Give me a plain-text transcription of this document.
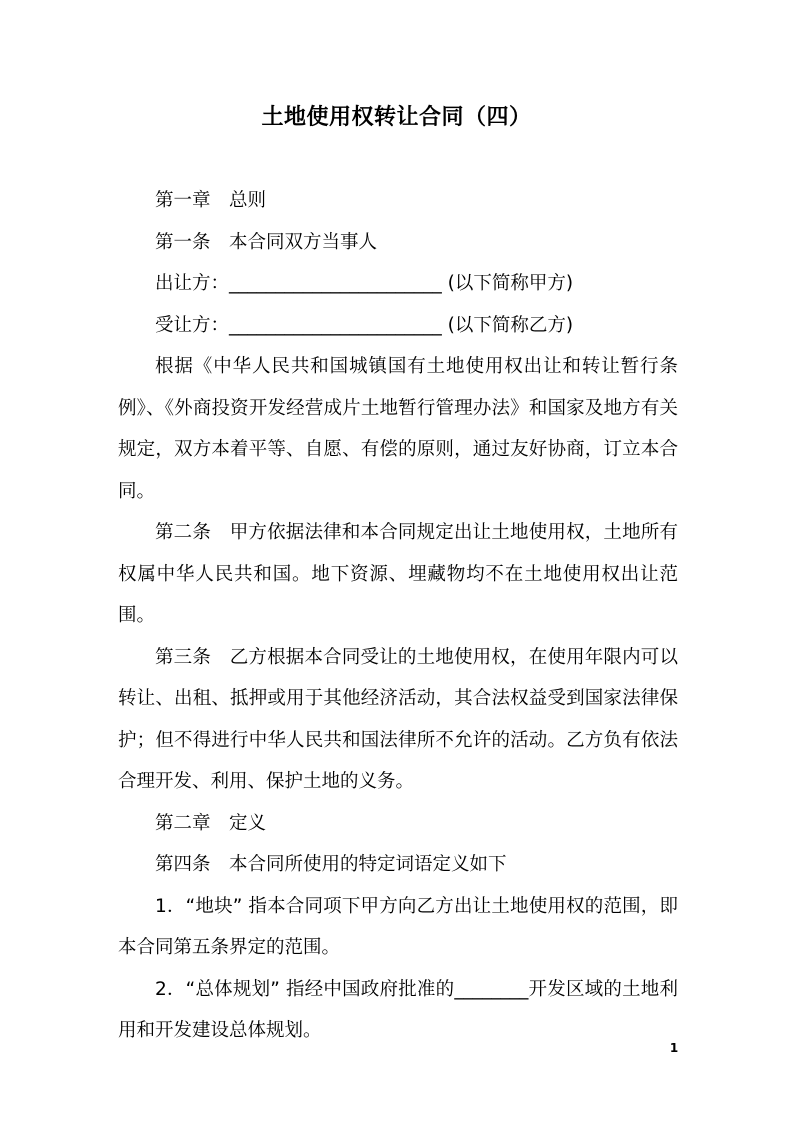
土地使用权转让合同（四）

第一章　总则

第一条　本合同双方当事人

出让方：_______________________ (以下简称甲方)

受让方：_______________________ (以下简称乙方)

根据《中华人民共和国城镇国有土地使用权出让和转让暂行条例》、《外商投资开发经营成片土地暂行管理办法》和国家及地方有关规定，双方本着平等、自愿、有偿的原则，通过友好协商，订立本合同。

第二条　甲方依据法律和本合同规定出让土地使用权，土地所有权属中华人民共和国。地下资源、埋藏物均不在土地使用权出让范围。

第三条　乙方根据本合同受让的土地使用权，在使用年限内可以转让、出租、抵押或用于其他经济活动，其合法权益受到国家法律保护；但不得进行中华人民共和国法律所不允许的活动。乙方负有依法合理开发、利用、保护土地的义务。

第二章　定义

第四条　本合同所使用的特定词语定义如下

1．“地块” 指本合同项下甲方向乙方出让土地使用权的范围，即本合同第五条界定的范围。

2．“总体规划” 指经中国政府批准的________开发区域的土地利用和开发建设总体规划。

1
